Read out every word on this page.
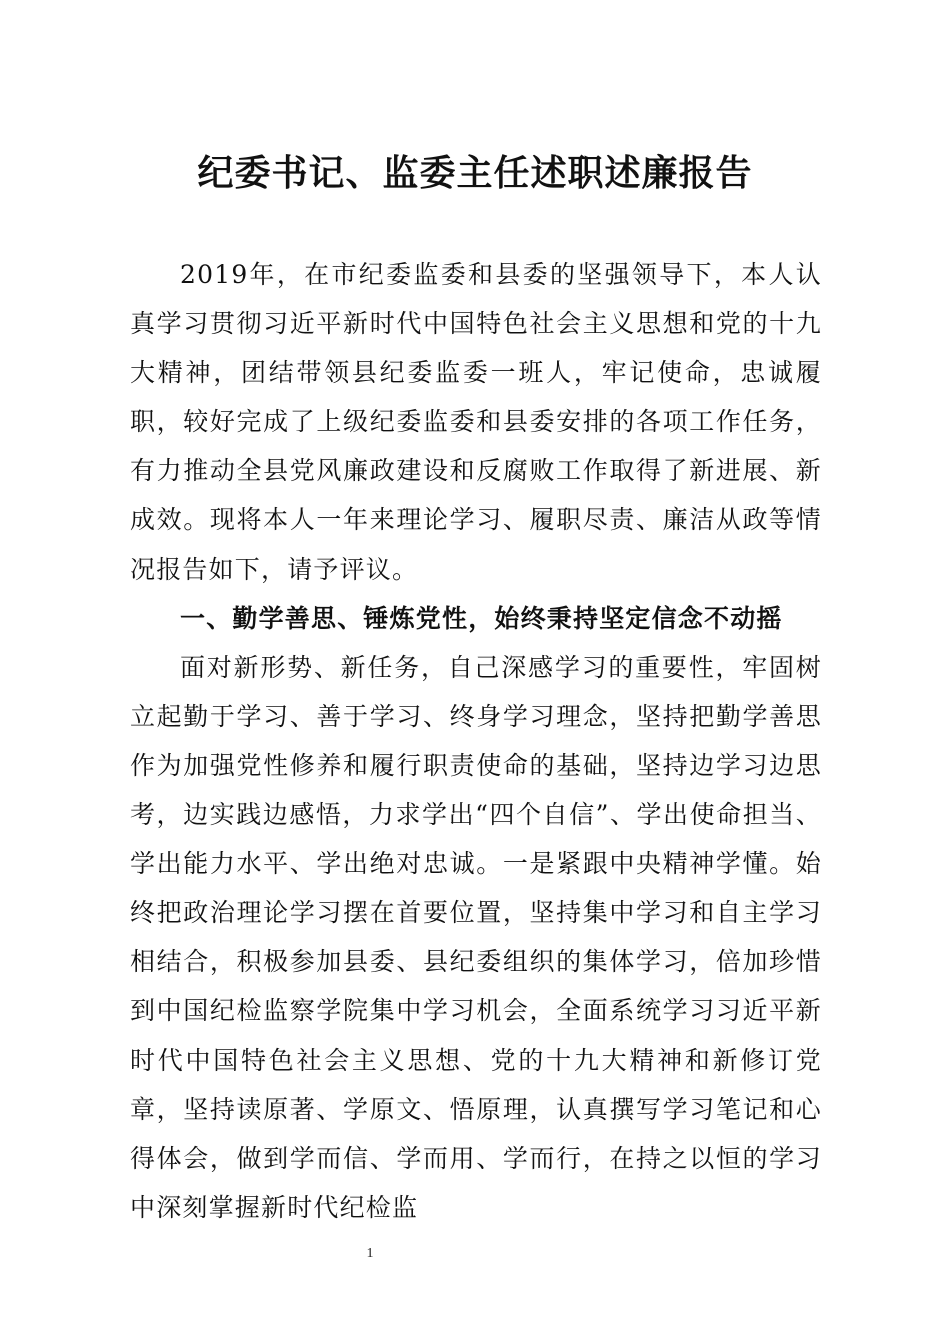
纪委书记、监委主任述职述廉报告

2019年，在市纪委监委和县委的坚强领导下，本人认真学习贯彻习近平新时代中国特色社会主义思想和党的十九大精神，团结带领县纪委监委一班人，牢记使命，忠诚履职，较好完成了上级纪委监委和县委安排的各项工作任务，有力推动全县党风廉政建设和反腐败工作取得了新进展、新成效。现将本人一年来理论学习、履职尽责、廉洁从政等情况报告如下，请予评议。

一、勤学善思、锤炼党性，始终秉持坚定信念不动摇

面对新形势、新任务，自己深感学习的重要性，牢固树立起勤于学习、善于学习、终身学习理念，坚持把勤学善思作为加强党性修养和履行职责使命的基础，坚持边学习边思考，边实践边感悟，力求学出“四个自信”、学出使命担当、学出能力水平、学出绝对忠诚。一是紧跟中央精神学懂。始终把政治理论学习摆在首要位置，坚持集中学习和自主学习相结合，积极参加县委、县纪委组织的集体学习，倍加珍惜到中国纪检监察学院集中学习机会，全面系统学习习近平新时代中国特色社会主义思想、党的十九大精神和新修订党章，坚持读原著、学原文、悟原理，认真撰写学习笔记和心得体会，做到学而信、学而用、学而行，在持之以恒的学习中深刻掌握新时代纪检监

1
